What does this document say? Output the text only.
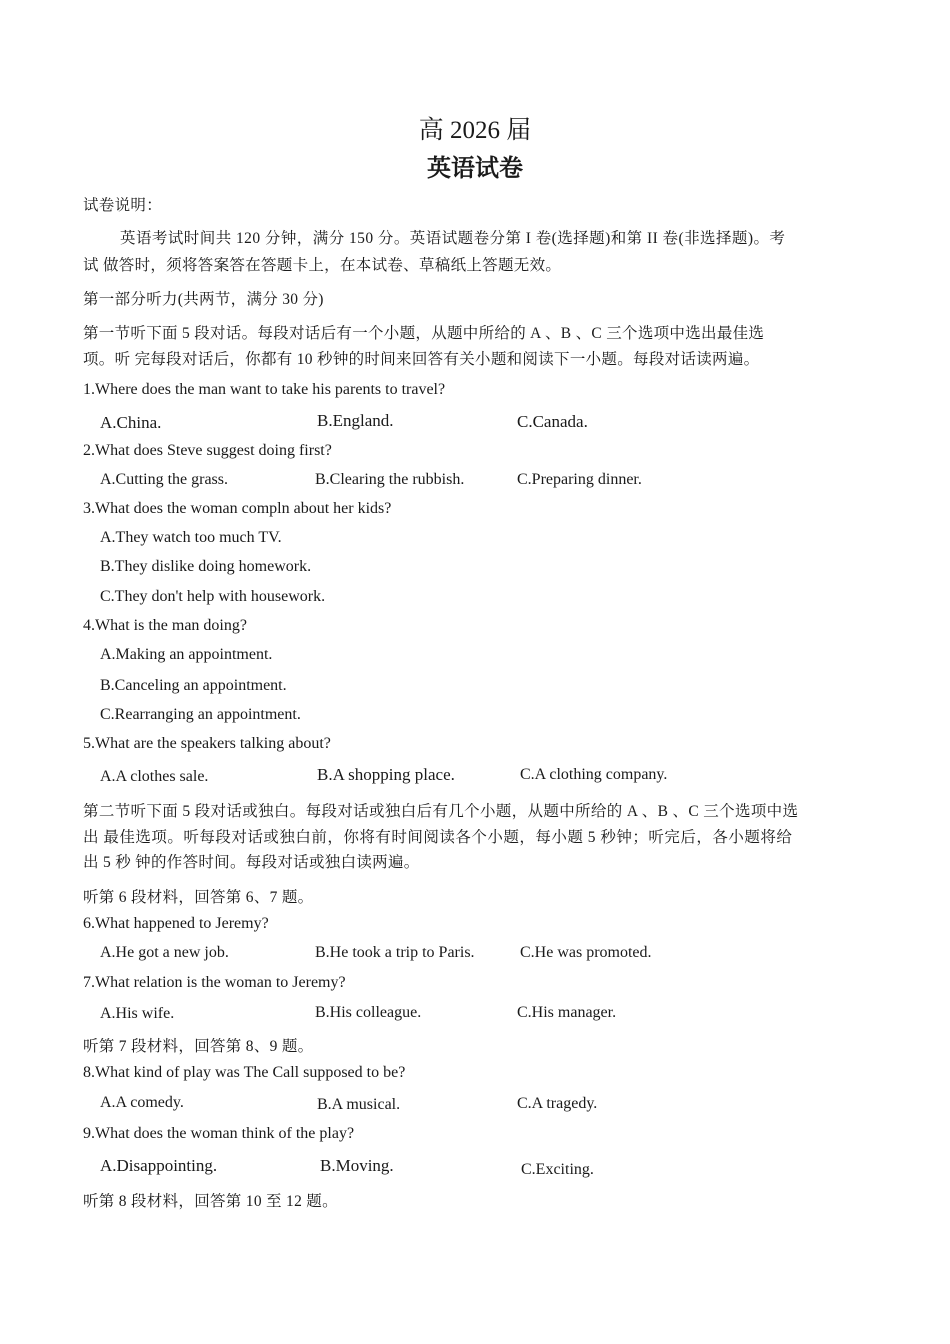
高 2026 届
英语试卷
试卷说明：
英语考试时间共 120 分钟，满分 150 分。英语试题卷分第 I 卷(选择题)和第 II 卷(非选择题)。考
试 做答时，须将答案答在答题卡上，在本试卷、草稿纸上答题无效。
第一部分听力(共两节，满分 30 分)
第一节听下面 5 段对话。每段对话后有一个小题，从题中所给的 A 、B 、C 三个选项中选出最佳选
项。听 完每段对话后，你都有 10 秒钟的时间来回答有关小题和阅读下一小题。每段对话读两遍。
1.Where does the man want to take his parents to travel?
A.China.	B.England.	C.Canada.
2.What does Steve suggest doing first?
A.Cutting the grass.	B.Clearing the rubbish.	C.Preparing dinner.
3.What does the woman compln about her kids?
A.They watch too much TV.
B.They dislike doing homework.
C.They don't help with housework.
4.What is the man doing?
A.Making an appointment.
B.Canceling an appointment.
C.Rearranging an appointment.
5.What are the speakers talking about?
A.A clothes sale.	B.A shopping place.	C.A clothing company.
第二节听下面 5 段对话或独白。每段对话或独白后有几个小题，从题中所给的 A 、B 、C 三个选项中选
出 最佳选项。听每段对话或独白前，你将有时间阅读各个小题，每小题 5 秒钟；听完后，各小题将给
出 5 秒 钟的作答时间。每段对话或独白读两遍。
听第 6 段材料，回答第 6、7 题。
6.What happened to Jeremy?
A.He got a new job.	B.He took a trip to Paris.	C.He was promoted.
7.What relation is the woman to Jeremy?
A.His wife.	B.His colleague.	C.His manager.
听第 7 段材料，回答第 8、9 题。
8.What kind of play was The Call supposed to be?
A.A comedy.	B.A musical.	C.A tragedy.
9.What does the woman think of the play?
A.Disappointing.	B.Moving.	C.Exciting.
听第 8 段材料，回答第 10 至 12 题。
